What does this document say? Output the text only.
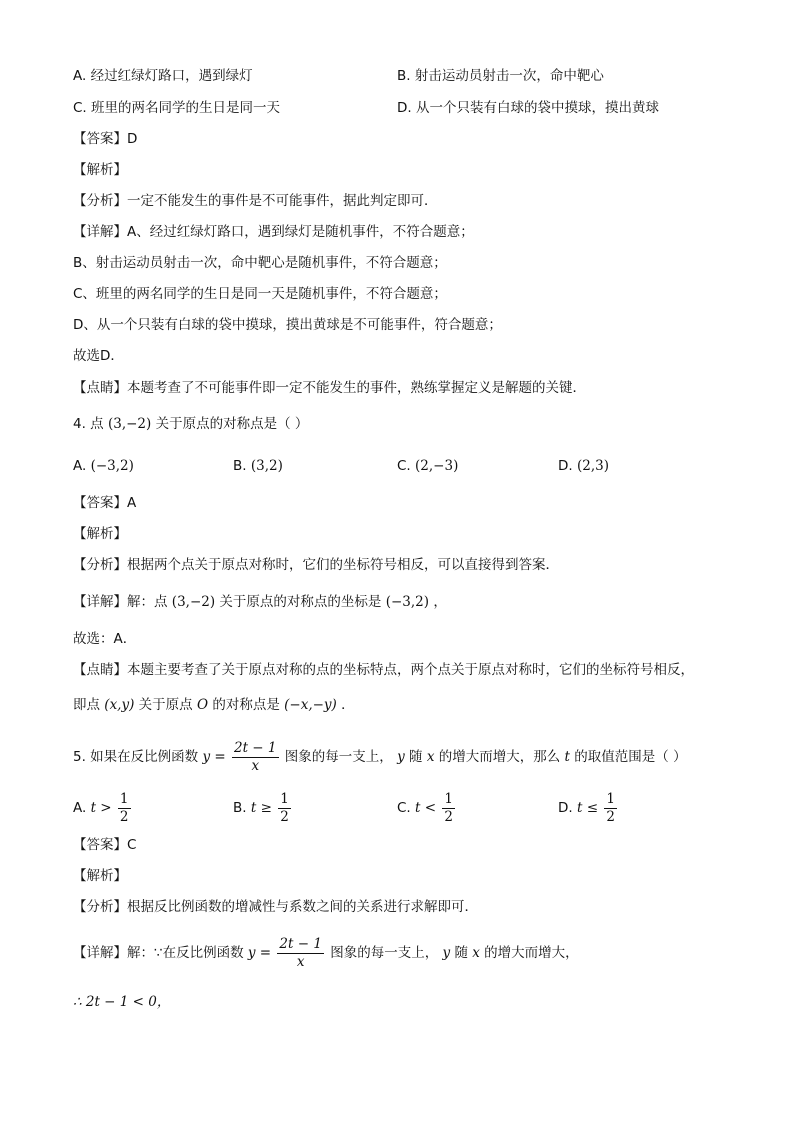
A. 经过红绿灯路口，遇到绿灯	B. 射击运动员射击一次，命中靶心
C. 班里的两名同学的生日是同一天	D. 从一个只装有白球的袋中摸球，摸出黄球
【答案】D
【解析】
【分析】一定不能发生的事件是不可能事件，据此判定即可．
【详解】A、经过红绿灯路口，遇到绿灯是随机事件，不符合题意；
B、射击运动员射击一次，命中靶心是随机事件，不符合题意；
C、班里的两名同学的生日是同一天是随机事件，不符合题意；
D、从一个只装有白球的袋中摸球，摸出黄球是不可能事件，符合题意；
故选D．
【点睛】本题考查了不可能事件即一定不能发生的事件，熟练掌握定义是解题的关键．
4. 点 (3,−2) 关于原点的对称点是（ ）
A. (−3,2)	B. (3,2)	C. (2,−3)	D. (2,3)
【答案】A
【解析】
【分析】根据两个点关于原点对称时，它们的坐标符号相反，可以直接得到答案．
【详解】解：点 (3,−2) 关于原点的对称点的坐标是 (−3,2) ，
故选：A．
【点睛】本题主要考查了关于原点对称的点的坐标特点，两个点关于原点对称时，它们的坐标符号相反，
即点 (x,y) 关于原点 O 的对称点是 (−x,−y) ．
5. 如果在反比例函数 $y = \frac{2t - 1}{x}$ 图象的每一支上， y 随 x 的增大而增大，那么 t 的取值范围是（ ）
A. $t > \frac{1}{2}$	B. $t \ge \frac{1}{2}$	C. $t < \frac{1}{2}$	D. $t \le \frac{1}{2}$
【答案】C
【解析】
【分析】根据反比例函数的增减性与系数之间的关系进行求解即可．
【详解】解：∵在反比例函数 $y = \frac{2t - 1}{x}$ 图象的每一支上， y 随 x 的增大而增大，
∴ 2t − 1 < 0，
